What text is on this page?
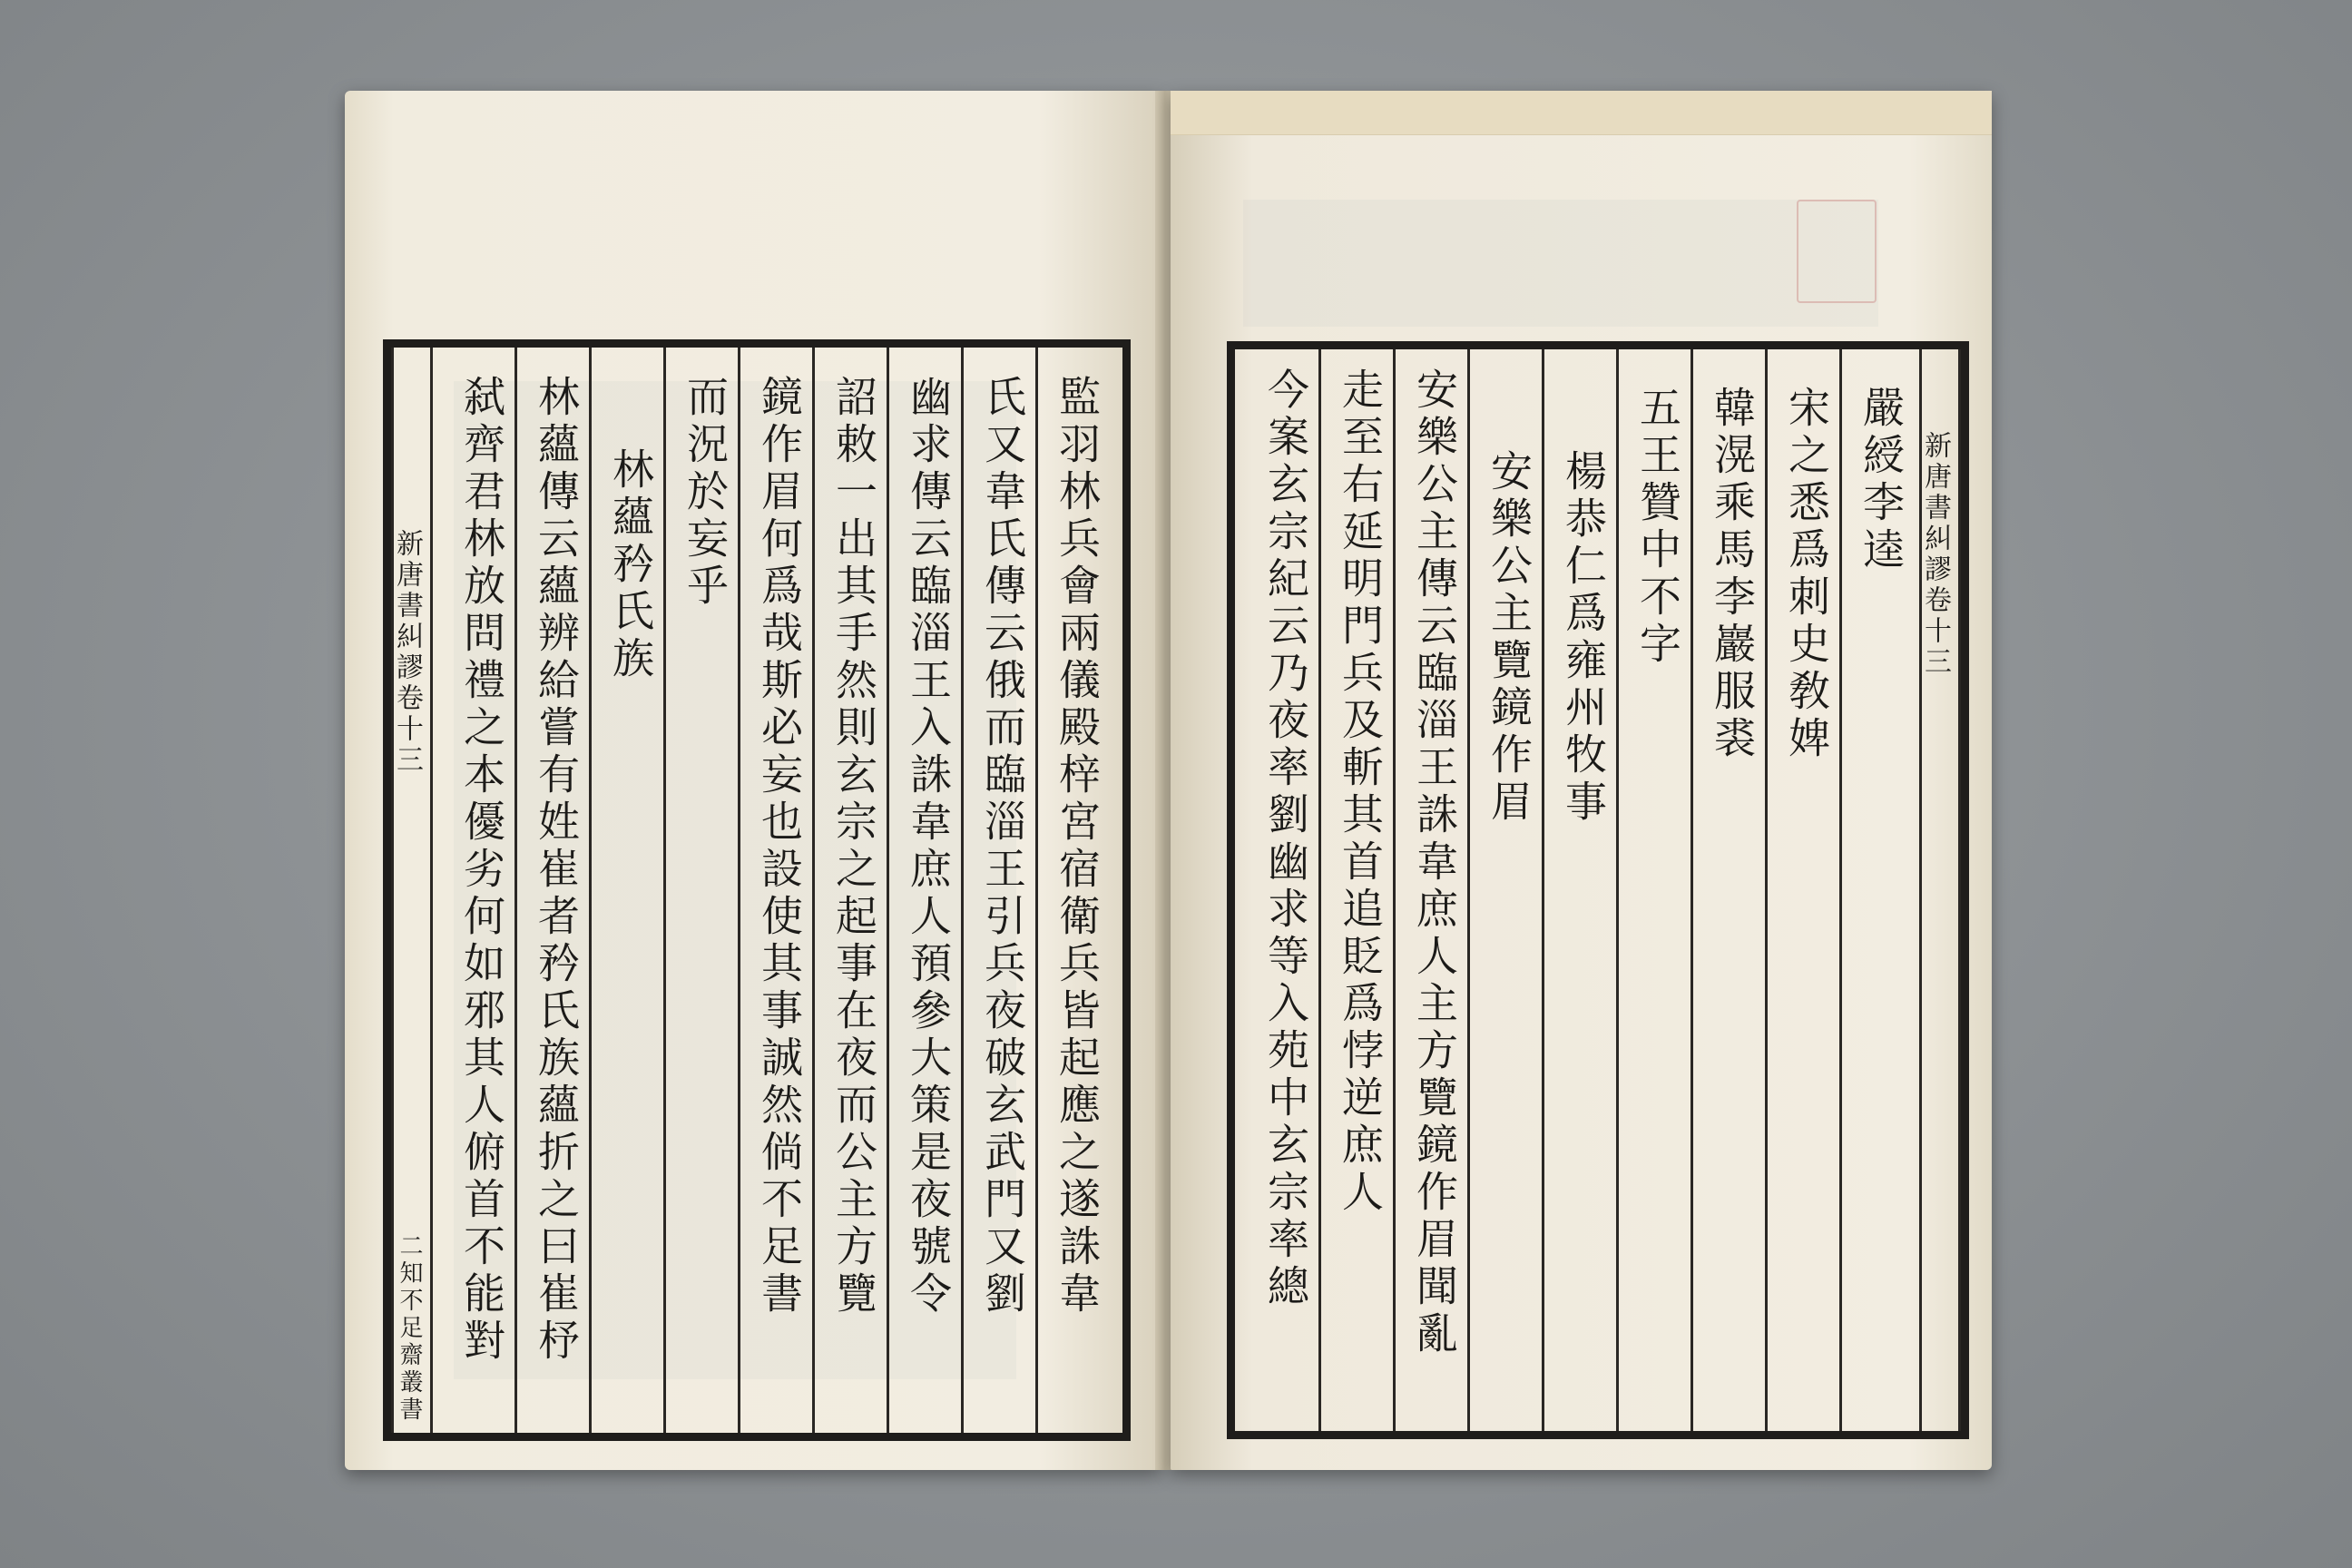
監羽林兵會兩儀殿梓宮宿衛兵皆起應之遂誅韋
氏又韋氏傳云俄而臨淄王引兵夜破玄武門又劉
幽求傳云臨淄王入誅韋庶人預參大策是夜號令
詔敕一出其手然則玄宗之起事在夜而公主方覽
鏡作眉何爲哉斯必妄也設使其事誠然倘不足書
而況於妄乎
林蘊矜氏族
林蘊傳云蘊辨給嘗有姓崔者矜氏族蘊折之曰崔杼
弑齊君林放問禮之本優劣何如邪其人俯首不能對
新唐書糾謬卷十三
二知不足齋叢書
新唐書糾謬卷十三
嚴綬李逵
宋之悉爲刺史敎婢
韓滉乘馬李巖服裘
五王贊中不字
楊恭仁爲雍州牧事
安樂公主覽鏡作眉
安樂公主傳云臨淄王誅韋庶人主方覽鏡作眉聞亂
走至右延明門兵及斬其首追貶爲悖逆庶人
今案玄宗紀云乃夜率劉幽求等入苑中玄宗率總
